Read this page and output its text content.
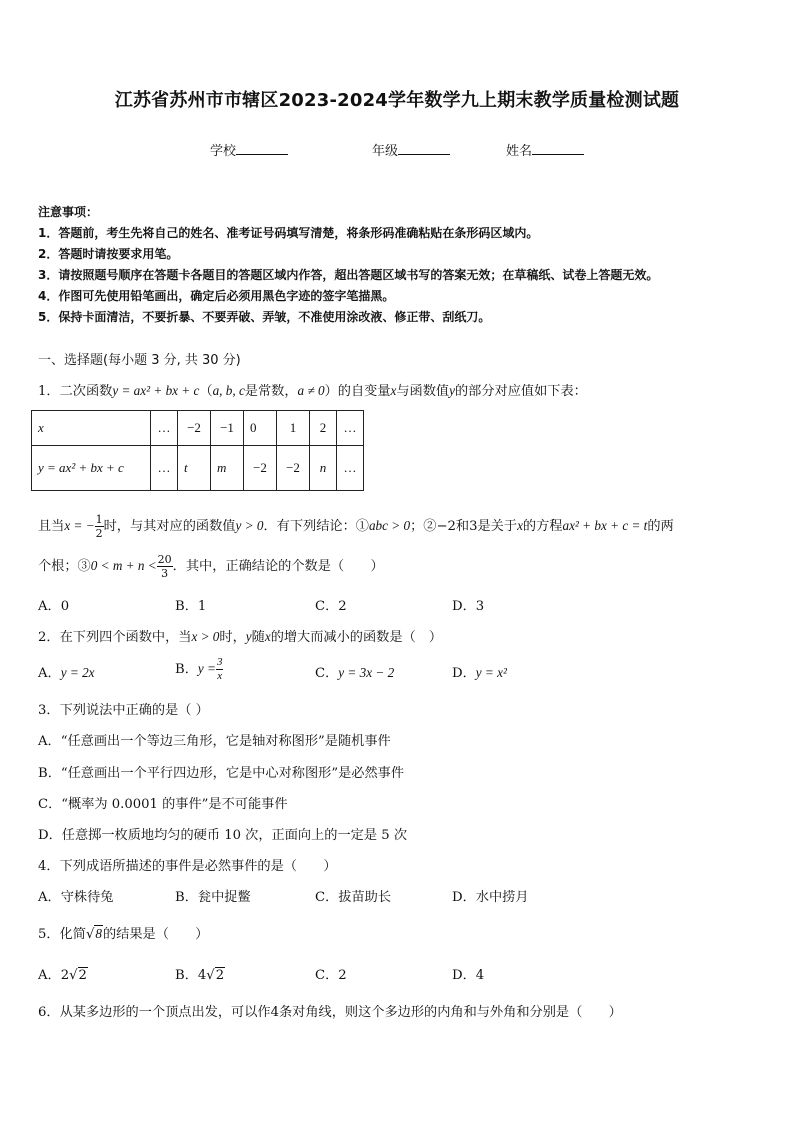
江苏省苏州市市辖区2023-2024学年数学九上期末教学质量检测试题
学校	年级	姓名
注意事项：
1．答题前，考生先将自己的姓名、准考证号码填写清楚，将条形码准确粘贴在条形码区域内。
2．答题时请按要求用笔。
3．请按照题号顺序在答题卡各题目的答题区域内作答，超出答题区域书写的答案无效；在草稿纸、试卷上答题无效。
4．作图可先使用铅笔画出，确定后必须用黑色字迹的签字笔描黑。
5．保持卡面清洁，不要折暴、不要弄破、弄皱，不准使用涂改液、修正带、刮纸刀。
一、选择题(每小题 3 分, 共 30 分)
1．二次函数y = ax² + bx + c（a, b, c是常数，a ≠ 0）的自变量x与函数值y的部分对应值如下表：
x	…	−2	−1	0	1	2	…
y = ax² + bx + c	…	t	m	−2	−2	n	…
且当x = − $\frac{1}{2}$ 时，与其对应的函数值y > 0．有下列结论：①abc > 0；②−2和3是关于x的方程ax² + bx + c = t的两
个根；③0 < $m + n < \frac{20}{3}$ ．其中，正确结论的个数是（　　）
A．0	B．1	C．2	D．3
2．在下列四个函数中，当x > 0时，y随x的增大而减小的函数是（　）
A．y = 2x	B．$y = \frac{3}{x}$	C．y = 3x − 2	D．y = x²
3．下列说法中正确的是（ ）
A．“任意画出一个等边三角形，它是轴对称图形”是随机事件
B．“任意画出一个平行四边形，它是中心对称图形”是必然事件
C．“概率为 0.0001 的事件”是不可能事件
D．任意掷一枚质地均匀的硬币 10 次，正面向上的一定是 5 次
4．下列成语所描述的事件是必然事件的是（　　）
A．守株待兔	B．瓮中捉鳖	C．拔苗助长	D．水中捞月
5．化简√8的结果是（　　）
A．2√2	B．4√2	C．2	D．4
6．从某多边形的一个顶点出发，可以作4条对角线，则这个多边形的内角和与外角和分别是（　　）
